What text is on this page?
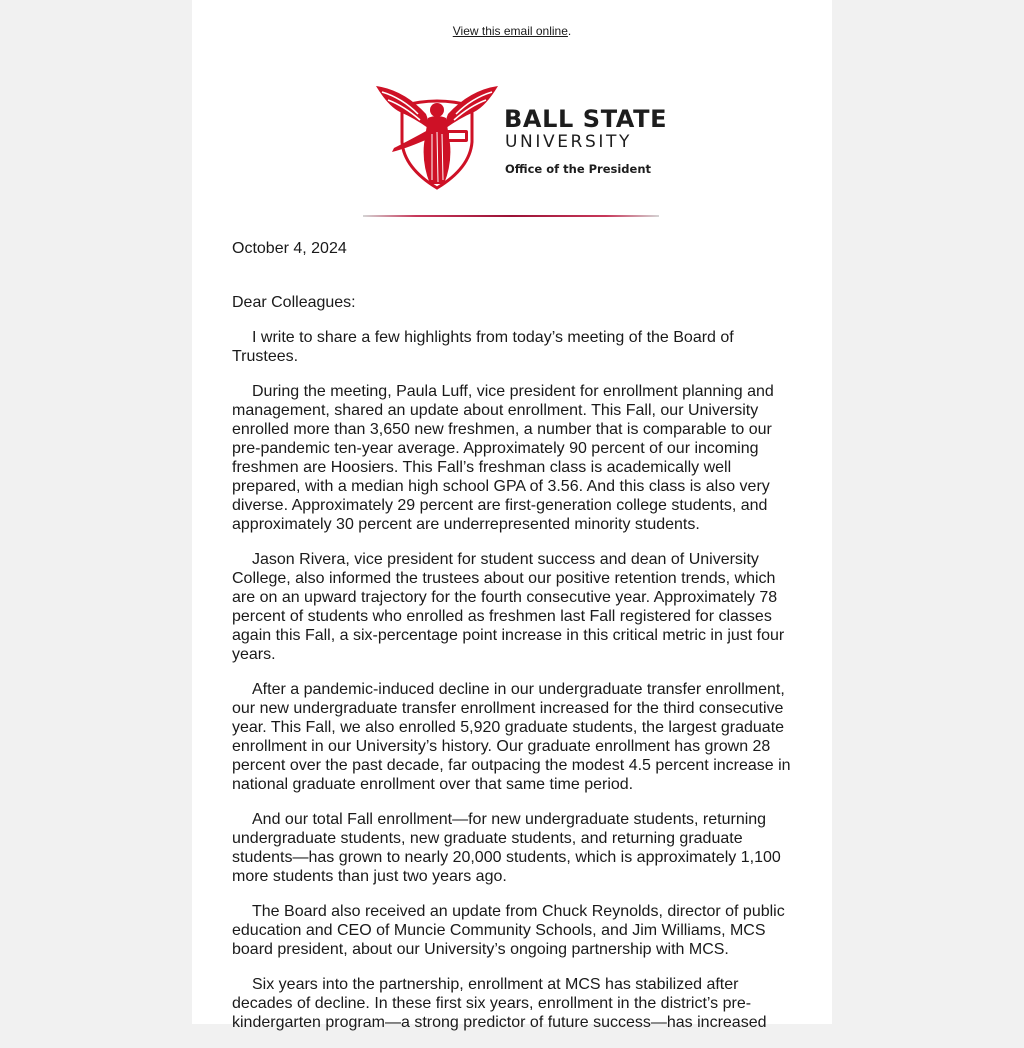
View this email online.
BALL STATE
UNIVERSITY
Office of the President
October 4, 2024
Dear Colleagues:

I write to share a few highlights from today’s meeting of the Board of Trustees.

During the meeting, Paula Luff, vice president for enrollment planning and management, shared an update about enrollment. This Fall, our University enrolled more than 3,650 new freshmen, a number that is comparable to our pre-pandemic ten-year average. Approximately 90 percent of our incoming freshmen are Hoosiers. This Fall’s freshman class is academically well prepared, with a median high school GPA of 3.56. And this class is also very diverse. Approximately 29 percent are first-generation college students, and approximately 30 percent are underrepresented minority students.

Jason Rivera, vice president for student success and dean of University College, also informed the trustees about our positive retention trends, which are on an upward trajectory for the fourth consecutive year. Approximately 78 percent of students who enrolled as freshmen last Fall registered for classes again this Fall, a six-percentage point increase in this critical metric in just four years.

After a pandemic-induced decline in our undergraduate transfer enrollment, our new undergraduate transfer enrollment increased for the third consecutive year. This Fall, we also enrolled 5,920 graduate students, the largest graduate enrollment in our University’s history. Our graduate enrollment has grown 28 percent over the past decade, far outpacing the modest 4.5 percent increase in national graduate enrollment over that same time period.

And our total Fall enrollment—for new undergraduate students, returning undergraduate students, new graduate students, and returning graduate students—has grown to nearly 20,000 students, which is approximately 1,100 more students than just two years ago.

The Board also received an update from Chuck Reynolds, director of public education and CEO of Muncie Community Schools, and Jim Williams, MCS board president, about our University’s ongoing partnership with MCS.

Six years into the partnership, enrollment at MCS has stabilized after decades of decline. In these first six years, enrollment in the district’s pre-kindergarten program—a strong predictor of future success—has increased
